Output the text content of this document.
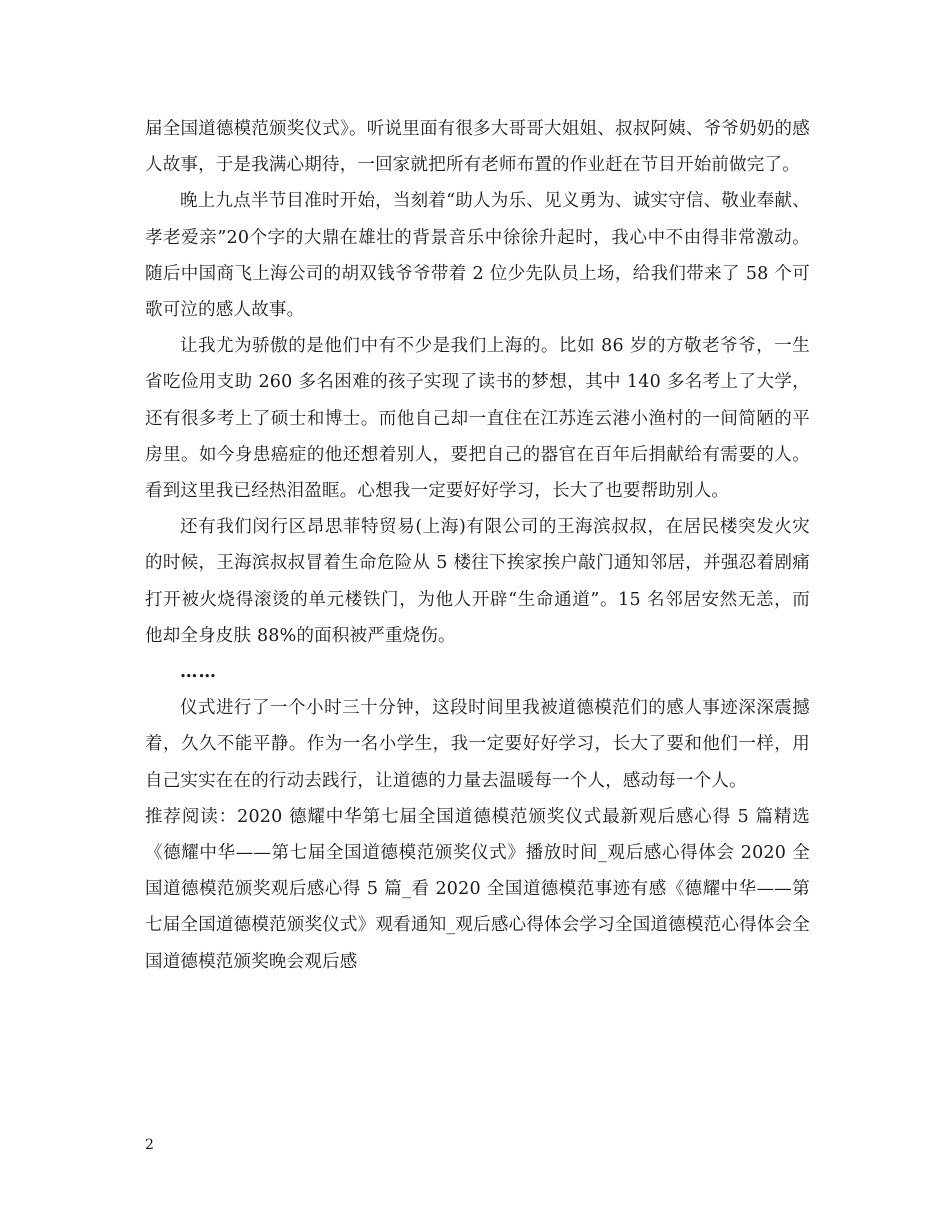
届全国道德模范颁奖仪式》。听说里面有很多大哥哥大姐姐、叔叔阿姨、爷爷奶奶的感人故事，于是我满心期待，一回家就把所有老师布置的作业赶在节目开始前做完了。

晚上九点半节目准时开始，当刻着“助人为乐、见义勇为、诚实守信、敬业奉献、孝老爱亲”20个字的大鼎在雄壮的背景音乐中徐徐升起时，我心中不由得非常激动。随后中国商飞上海公司的胡双钱爷爷带着 2 位少先队员上场，给我们带来了 58 个可歌可泣的感人故事。

让我尤为骄傲的是他们中有不少是我们上海的。比如 86 岁的方敬老爷爷，一生省吃俭用支助 260 多名困难的孩子实现了读书的梦想，其中 140 多名考上了大学，还有很多考上了硕士和博士。而他自己却一直住在江苏连云港小渔村的一间简陋的平房里。如今身患癌症的他还想着别人，要把自己的器官在百年后捐献给有需要的人。看到这里我已经热泪盈眶。心想我一定要好好学习，长大了也要帮助别人。

还有我们闵行区昂思菲特贸易(上海)有限公司的王海滨叔叔，在居民楼突发火灾的时候，王海滨叔叔冒着生命危险从 5 楼往下挨家挨户敲门通知邻居，并强忍着剧痛打开被火烧得滚烫的单元楼铁门，为他人开辟“生命通道”。15 名邻居安然无恙，而他却全身皮肤 88%的面积被严重烧伤。

……

仪式进行了一个小时三十分钟，这段时间里我被道德模范们的感人事迹深深震撼着，久久不能平静。作为一名小学生，我一定要好好学习，长大了要和他们一样，用自己实实在在的行动去践行，让道德的力量去温暖每一个人，感动每一个人。

推荐阅读：2020 德耀中华第七届全国道德模范颁奖仪式最新观后感心得 5 篇精选《德耀中华——第七届全国道德模范颁奖仪式》播放时间_观后感心得体会 2020 全国道德模范颁奖观后感心得 5 篇_看 2020 全国道德模范事迹有感《德耀中华——第七届全国道德模范颁奖仪式》观看通知_观后感心得体会学习全国道德模范心得体会全国道德模范颁奖晚会观后感

2
